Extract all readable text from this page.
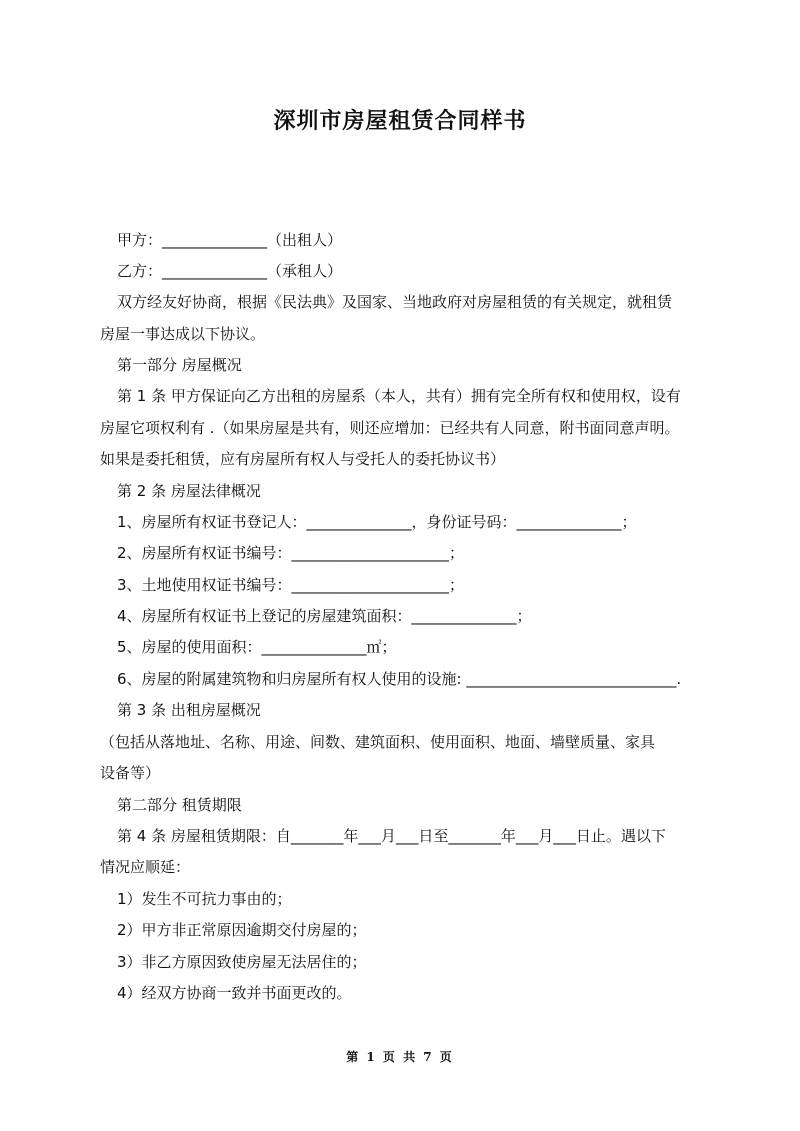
深圳市房屋租赁合同样书
甲方：______________（出租人）
乙方：______________（承租人）
双方经友好协商，根据《民法典》及国家、当地政府对房屋租赁的有关规定，就租赁
房屋一事达成以下协议。
第一部分 房屋概况
第 1 条 甲方保证向乙方出租的房屋系（本人，共有）拥有完全所有权和使用权，设有
房屋它项权利有 .（如果房屋是共有，则还应增加：已经共有人同意，附书面同意声明。
如果是委托租赁，应有房屋所有权人与受托人的委托协议书）
第 2 条 房屋法律概况
1、房屋所有权证书登记人：______________，身份证号码：______________；
2、房屋所有权证书编号：_____________________；
3、土地使用权证书编号：_____________________；
4、房屋所有权证书上登记的房屋建筑面积：______________；
5、房屋的使用面积：______________㎡；
6、房屋的附属建筑物和归房屋所有权人使用的设施: ____________________________.
第 3 条 出租房屋概况
（包括从落地址、名称、用途、间数、建筑面积、使用面积、地面、墙壁质量、家具
设备等）
第二部分 租赁期限
第 4 条 房屋租赁期限：自_______年___月___日至_______年___月___日止。遇以下
情况应顺延：
1）发生不可抗力事由的；
2）甲方非正常原因逾期交付房屋的；
3）非乙方原因致使房屋无法居住的；
4）经双方协商一致并书面更改的。
第 1 页 共 7 页
